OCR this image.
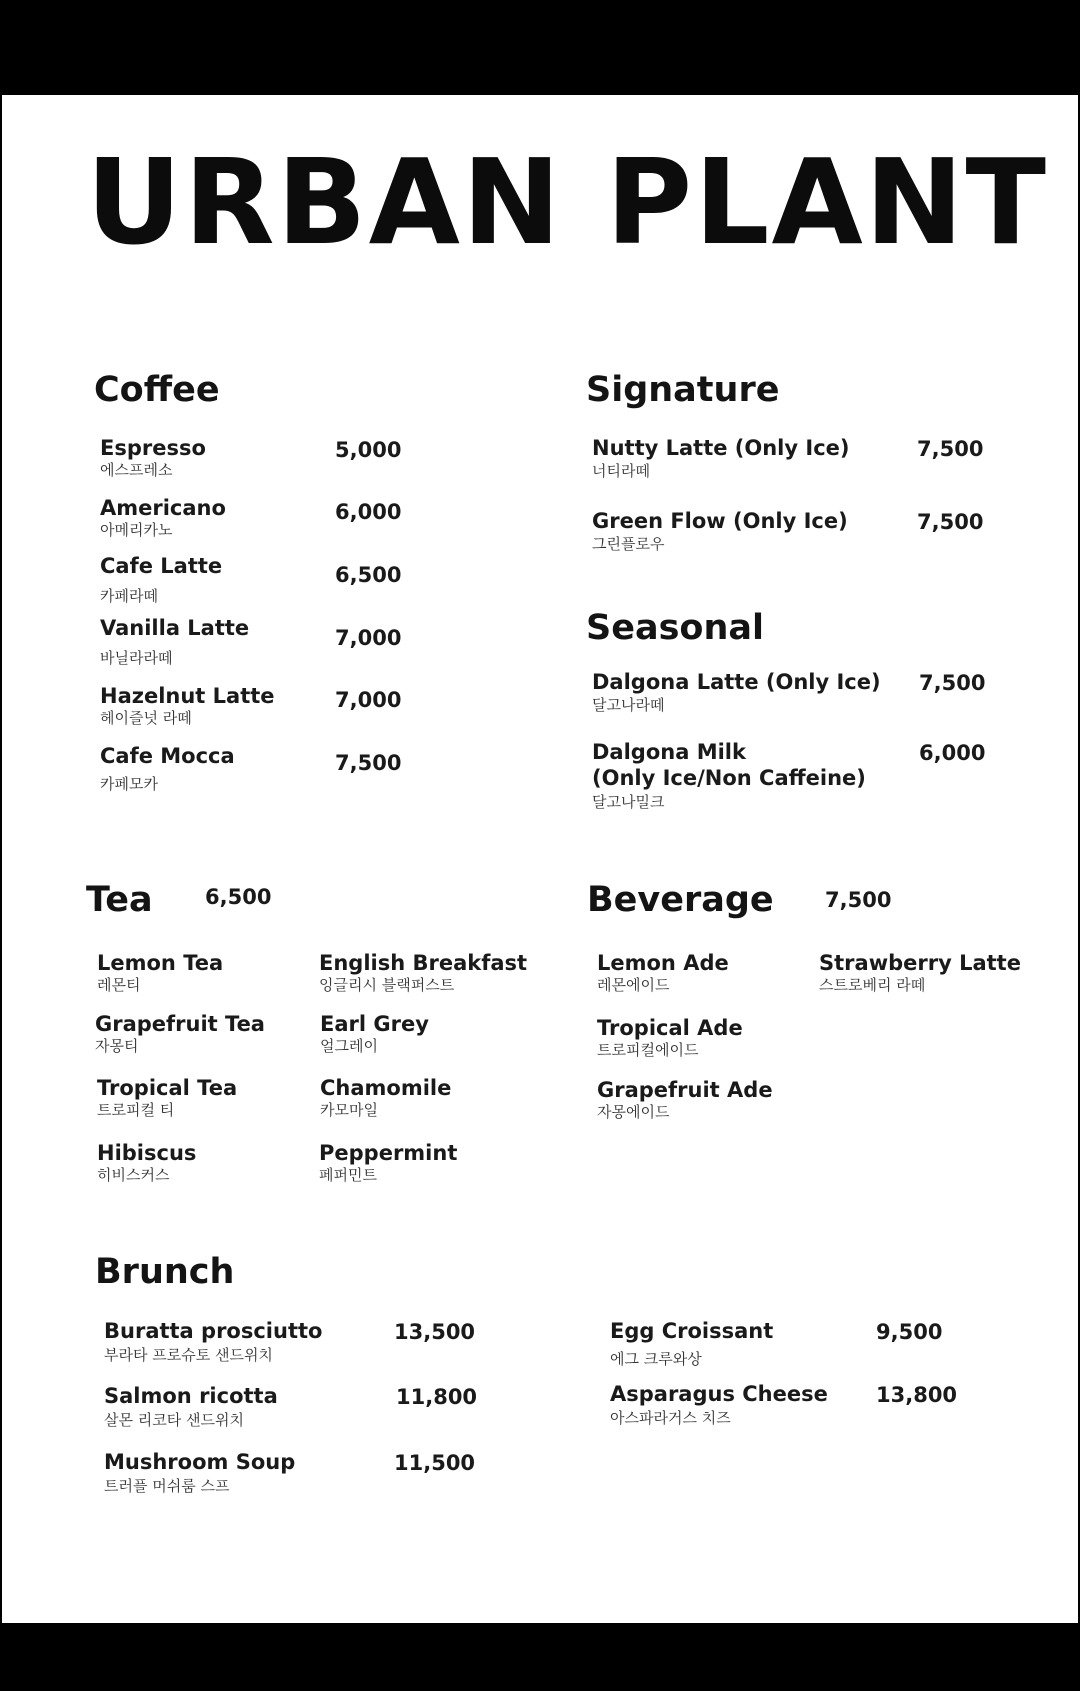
URBAN PLANT
Coffee
Espresso
에스프레소
5,000
Americano
아메리카노
6,000
Cafe Latte
카페라떼
6,500
Vanilla Latte
바닐라라떼
7,000
Hazelnut Latte
헤이즐넛 라떼
7,000
Cafe Mocca
카페모카
7,500
Signature
Nutty Latte (Only Ice)
너티라떼
7,500
Green Flow (Only Ice)
그린플로우
7,500
Seasonal
Dalgona Latte (Only Ice)
달고나라떼
7,500
Dalgona Milk
(Only Ice/Non Caffeine)
달고나밀크
6,000
Tea 6,500
Lemon Tea
레몬티
English Breakfast
잉글리시 블랙퍼스트
Grapefruit Tea
자몽티
Earl Grey
얼그레이
Tropical Tea
트로피컬 티
Chamomile
카모마일
Hibiscus
히비스커스
Peppermint
페퍼민트
Beverage 7,500
Lemon Ade
레몬에이드
Strawberry Latte
스트로베리 라떼
Tropical Ade
트로피컬에이드
Grapefruit Ade
자몽에이드
Brunch
Buratta prosciutto
부라타 프로슈토 샌드위치
13,500
Salmon ricotta
살몬 리코타 샌드위치
11,800
Mushroom Soup
트러플 머쉬룸 스프
11,500
Egg Croissant
에그 크루와상
9,500
Asparagus Cheese
아스파라거스 치즈
13,800
